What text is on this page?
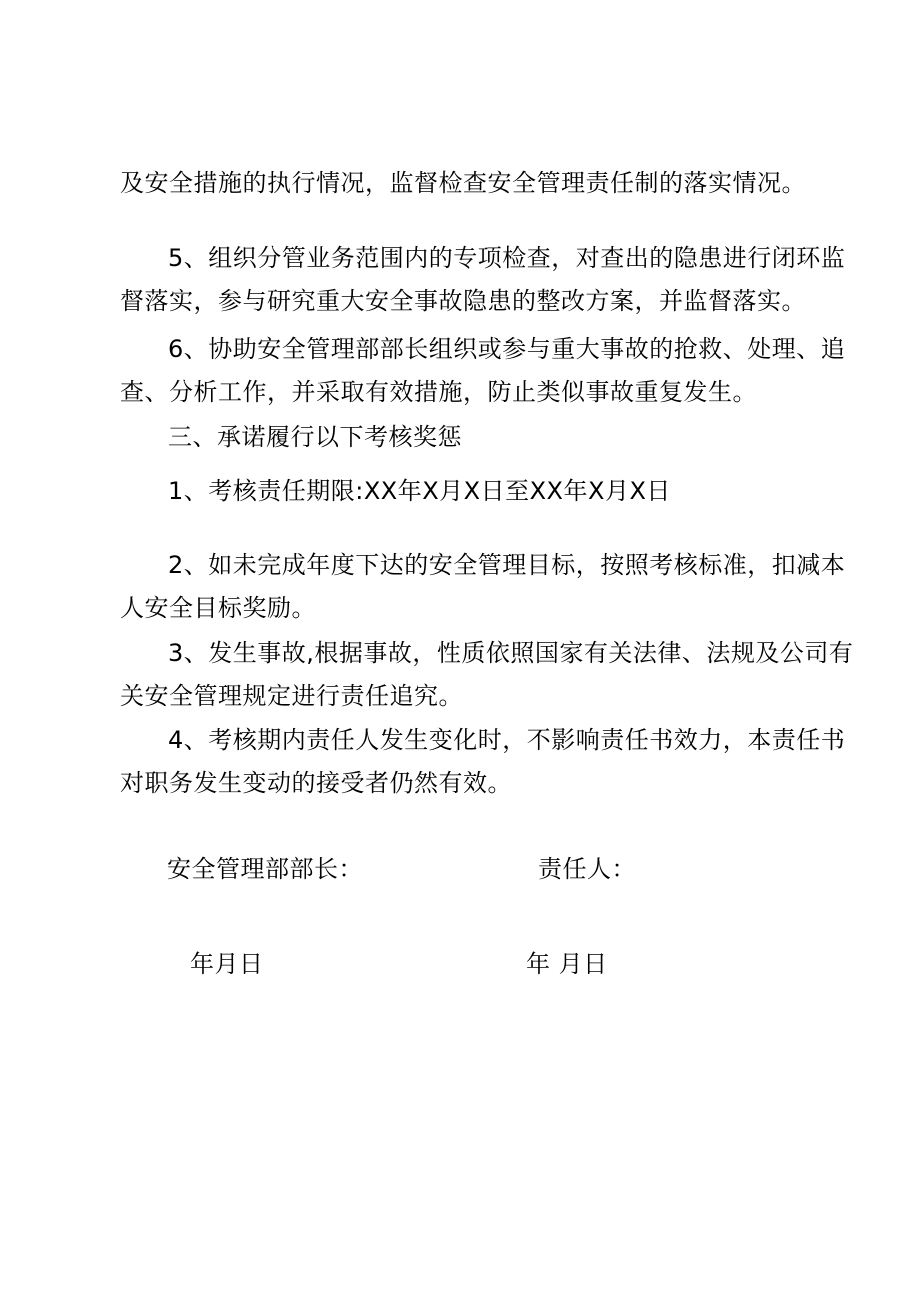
及安全措施的执行情况，监督检查安全管理责任制的落实情况。
5、组织分管业务范围内的专项检查，对查出的隐患进行闭环监
督落实，参与研究重大安全事故隐患的整改方案，并监督落实。
6、协助安全管理部部长组织或参与重大事故的抢救、处理、追
查、分析工作，并采取有效措施，防止类似事故重复发生。
三、承诺履行以下考核奖惩
1、考核责任期限:XX年X月X日至XX年X月X日
2、如未完成年度下达的安全管理目标，按照考核标准，扣减本
人安全目标奖励。
3、发生事故,根据事故，性质依照国家有关法律、法规及公司有
关安全管理规定进行责任追究。
4、考核期内责任人发生变化时，不影响责任书效力，本责任书
对职务发生变动的接受者仍然有效。
安全管理部部长：	责任人：
年月日	年 月日
